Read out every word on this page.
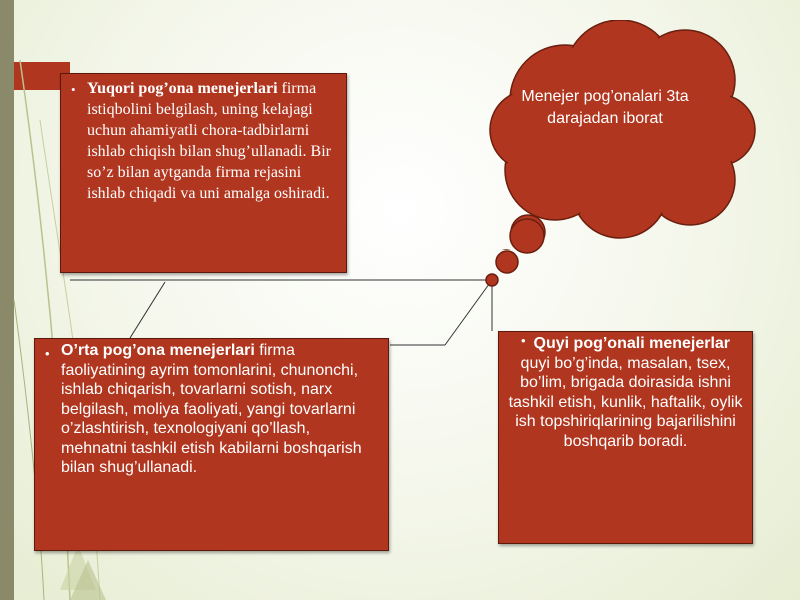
Menejer pog’onalari 3ta darajadan iborat
• Yuqori pog’ona menejerlari firma istiqbolini belgilash, uning kelajagi uchun ahamiyatli chora-tadbirlarni ishlab chiqish bilan shug’ullanadi. Bir so’z bilan aytganda firma rejasini ishlab chiqadi va uni amalga oshiradi.
• O’rta pog’ona menejerlari firma faoliyatining ayrim tomonlarini, chunonchi, ishlab chiqarish, tovarlarni sotish, narx belgilash, moliya faoliyati, yangi tovarlarni o’zlashtirish, texnologiyani qo’llash, mehnatni tashkil etish kabilarni boshqarish bilan shug’ullanadi.
• Quyi pog’onali menejerlar quyi bo’g’inda, masalan, tsex, bo’lim, brigada doirasida ishni tashkil etish, kunlik, haftalik, oylik ish topshiriqlarining bajarilishini boshqarib boradi.
